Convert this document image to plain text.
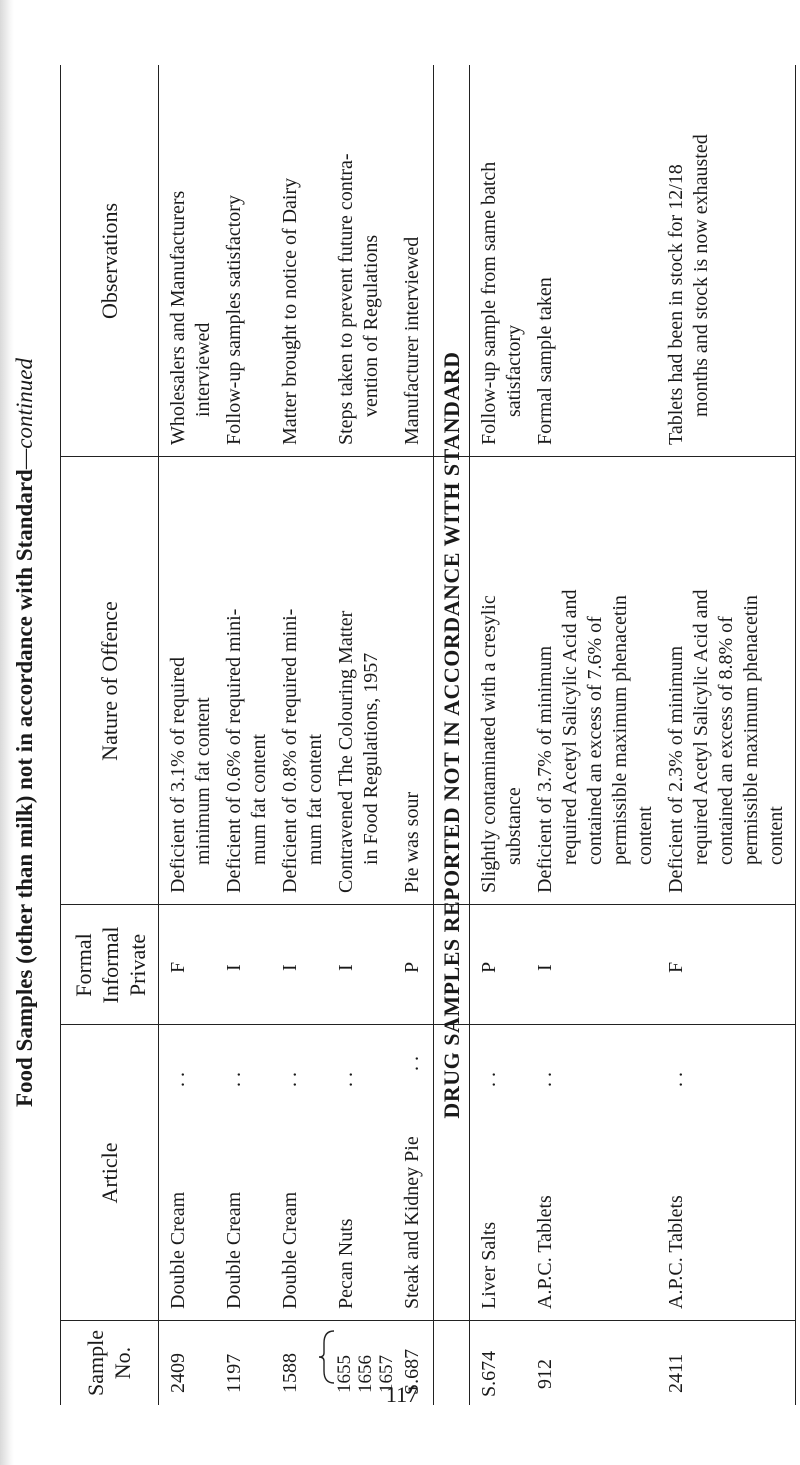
117
Food Samples (other than milk) not in accordance with Standard—continued
Sample No.
Article
Formal Informal Private
Nature of Offence
Observations
2409
Double Cream
. .
F
Deficient of 3.1% of required minimum fat content
Wholesalers and Manufacturers interviewed
1197
Double Cream
. .
I
Deficient of 0.6% of required mini- mum fat content
Follow-up samples satisfactory
1588
Double Cream
. .
I
Deficient of 0.8% of required mini- mum fat content
Matter brought to notice of Dairy
1655
1656
1657
Pecan Nuts
. .
I
Contravened The Colouring Matter in Food Regulations, 1957
Steps taken to prevent future contra- vention of Regulations
S.687
Steak and Kidney Pie
. .
P
Pie was sour
Manufacturer interviewed
DRUG SAMPLES REPORTED NOT IN ACCORDANCE WITH STANDARD
S.674
Liver Salts
. .
P
Slightly contaminated with a cresylic substance
Follow-up sample from same batch satisfactory
912
A.P.C. Tablets
. .
I
Deficient of 3.7% of minimum required Acetyl Salicylic Acid and contained an excess of 7.6% of permissible maximum phenacetin content
Formal sample taken
2411
A.P.C. Tablets
. .
F
Tablets had been in stock for 12/18 months and stock is now exhausted
Deficient of 2.3% of minimum required Acetyl Salicylic Acid and contained an excess of 8.8% of permissible maximum phenacetin content
